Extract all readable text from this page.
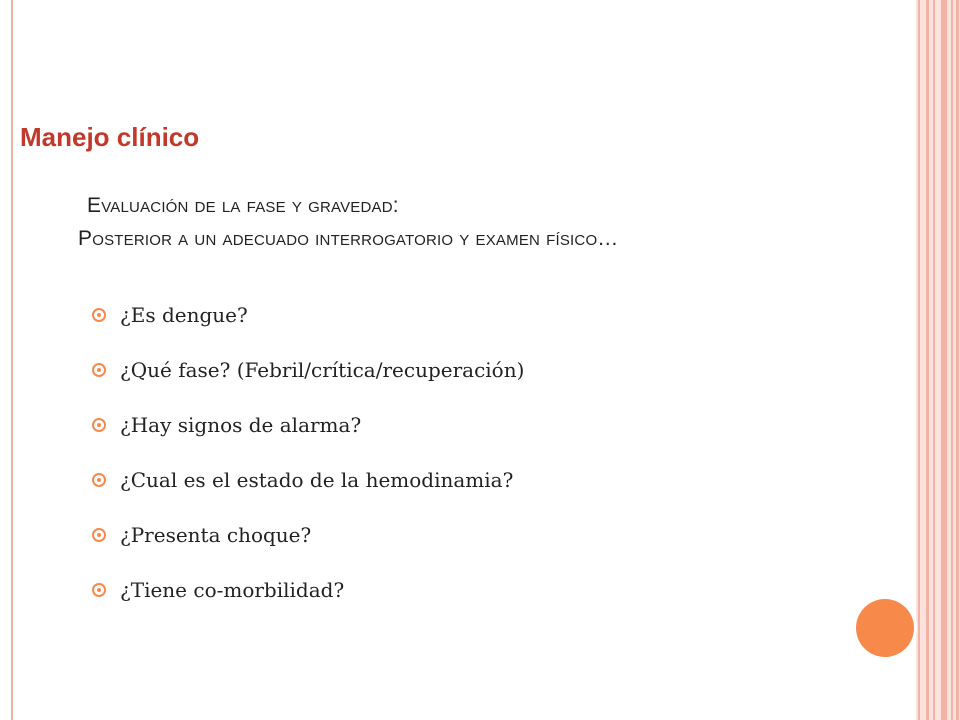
Manejo clínico

Evaluación de la fase y gravedad:

Posterior a un adecuado interrogatorio y examen físico…

¿Es dengue?
¿Qué fase? (Febril/crítica/recuperación)
¿Hay signos de alarma?
¿Cual es el estado de la hemodinamia?
¿Presenta choque?
¿Tiene co-morbilidad?
